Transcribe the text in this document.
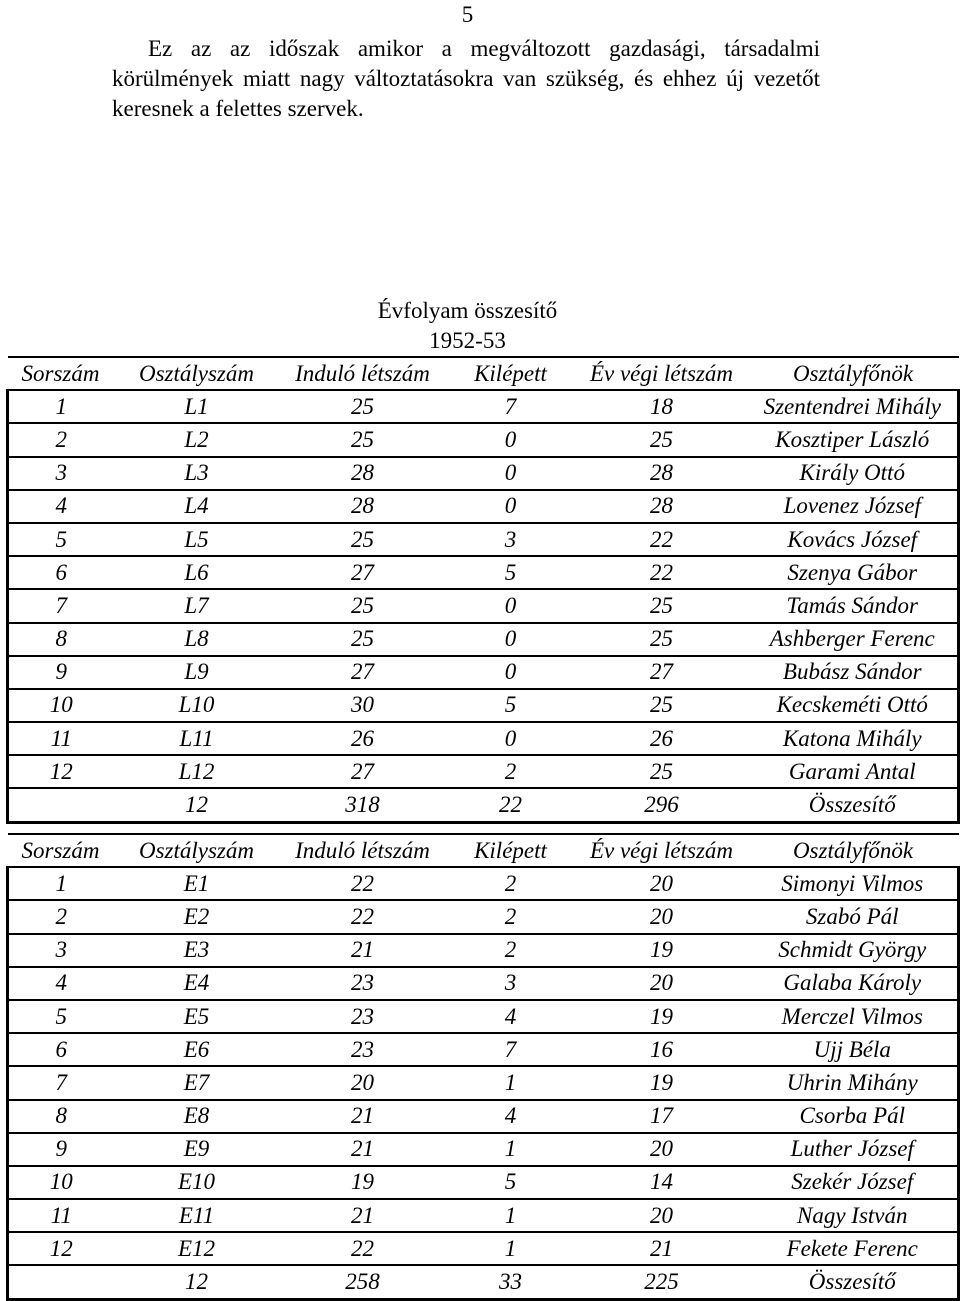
5

Ez az az időszak amikor a megváltozott gazdasági, társadalmi körülmények miatt nagy változtatásokra van szükség, és ehhez új vezetőt keresnek a felettes szervek.

Évfolyam összesítő
1952-53
Sorszám	Osztályszám	Induló létszám	Kilépett	Év végi létszám	Osztályfőnök
1	L1	25	7	18	Szentendrei Mihály
2	L2	25	0	25	Kosztiper László
3	L3	28	0	28	Király Ottó
4	L4	28	0	28	Lovenez József
5	L5	25	3	22	Kovács József
6	L6	27	5	22	Szenya Gábor
7	L7	25	0	25	Tamás Sándor
8	L8	25	0	25	Ashberger Ferenc
9	L9	27	0	27	Bubász Sándor
10	L10	30	5	25	Kecskeméti Ottó
11	L11	26	0	26	Katona Mihály
12	L12	27	2	25	Garami Antal
	12	318	22	296	Összesítő
Sorszám	Osztályszám	Induló létszám	Kilépett	Év végi létszám	Osztályfőnök
1	E1	22	2	20	Simonyi Vilmos
2	E2	22	2	20	Szabó Pál
3	E3	21	2	19	Schmidt György
4	E4	23	3	20	Galaba Károly
5	E5	23	4	19	Merczel Vilmos
6	E6	23	7	16	Ujj Béla
7	E7	20	1	19	Uhrin Mihány
8	E8	21	4	17	Csorba Pál
9	E9	21	1	20	Luther József
10	E10	19	5	14	Szekér József
11	E11	21	1	20	Nagy István
12	E12	22	1	21	Fekete Ferenc
	12	258	33	225	Összesítő
